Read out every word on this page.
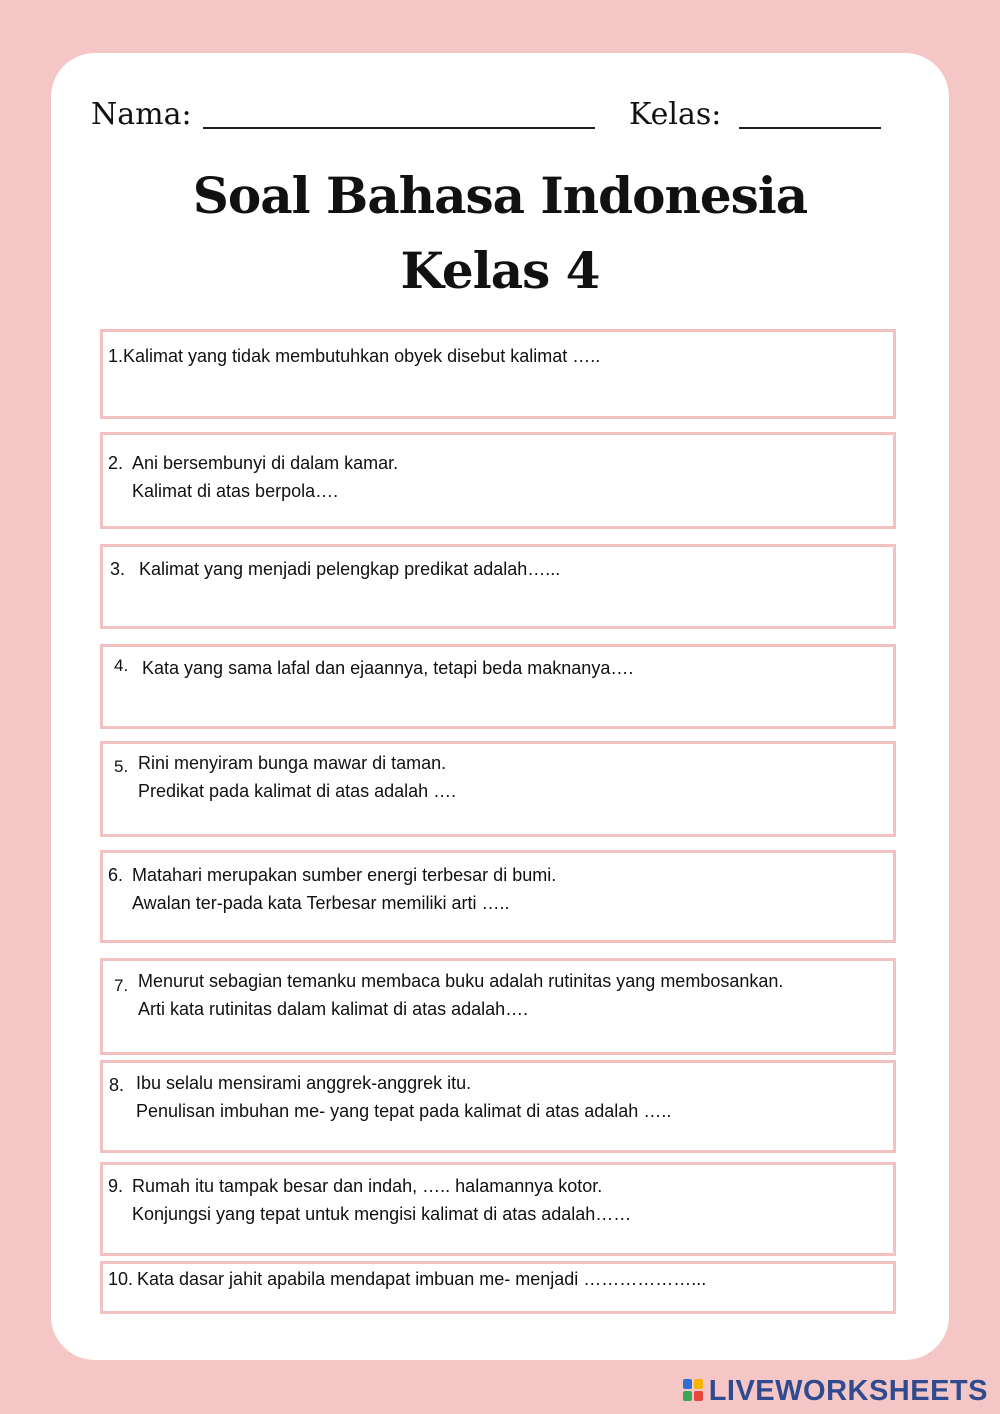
Nama:	Kelas:
Soal Bahasa Indonesia
Kelas 4
1. Kalimat yang tidak membutuhkan obyek disebut kalimat …..
2. Ani bersembunyi di dalam kamar.
Kalimat di atas berpola….
3. Kalimat yang menjadi pelengkap predikat adalah…...
4. Kata yang sama lafal dan ejaannya, tetapi beda maknanya….
5. Rini menyiram bunga mawar di taman.
Predikat pada kalimat di atas adalah ….
6. Matahari merupakan sumber energi terbesar di bumi.
Awalan ter-pada kata Terbesar memiliki arti …..
7. Menurut sebagian temanku membaca buku adalah rutinitas yang membosankan.
Arti kata rutinitas dalam kalimat di atas adalah….
8. Ibu selalu mensirami anggrek-anggrek itu.
Penulisan imbuhan me- yang tepat pada kalimat di atas adalah …..
9. Rumah itu tampak besar dan indah, ….. halamannya kotor.
Konjungsi yang tepat untuk mengisi kalimat di atas adalah……
10. Kata dasar jahit apabila mendapat imbuan me- menjadi ………………...
LIVEWORKSHEETS
